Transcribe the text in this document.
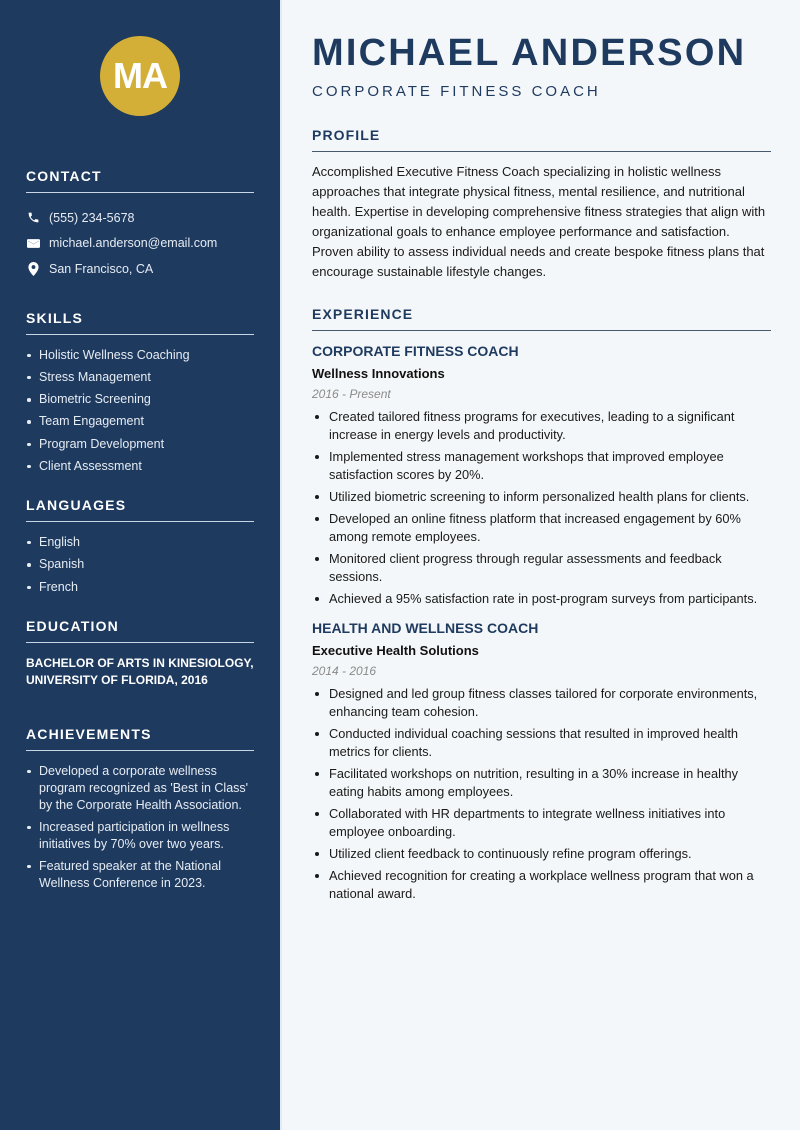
MA
CONTACT
(555) 234-5678
michael.anderson@email.com
San Francisco, CA
SKILLS
Holistic Wellness Coaching
Stress Management
Biometric Screening
Team Engagement
Program Development
Client Assessment
LANGUAGES
English
Spanish
French
EDUCATION
BACHELOR OF ARTS IN KINESIOLOGY, UNIVERSITY OF FLORIDA, 2016
ACHIEVEMENTS
Developed a corporate wellness program recognized as 'Best in Class' by the Corporate Health Association.
Increased participation in wellness initiatives by 70% over two years.
Featured speaker at the National Wellness Conference in 2023.
MICHAEL ANDERSON
CORPORATE FITNESS COACH
PROFILE

Accomplished Executive Fitness Coach specializing in holistic wellness approaches that integrate physical fitness, mental resilience, and nutritional health. Expertise in developing comprehensive fitness strategies that align with organizational goals to enhance employee performance and satisfaction. Proven ability to assess individual needs and create bespoke fitness plans that encourage sustainable lifestyle changes.

EXPERIENCE
CORPORATE FITNESS COACH
Wellness Innovations
2016 - Present
Created tailored fitness programs for executives, leading to a significant increase in energy levels and productivity.
Implemented stress management workshops that improved employee satisfaction scores by 20%.
Utilized biometric screening to inform personalized health plans for clients.
Developed an online fitness platform that increased engagement by 60% among remote employees.
Monitored client progress through regular assessments and feedback sessions.
Achieved a 95% satisfaction rate in post-program surveys from participants.
HEALTH AND WELLNESS COACH
Executive Health Solutions
2014 - 2016
Designed and led group fitness classes tailored for corporate environments, enhancing team cohesion.
Conducted individual coaching sessions that resulted in improved health metrics for clients.
Facilitated workshops on nutrition, resulting in a 30% increase in healthy eating habits among employees.
Collaborated with HR departments to integrate wellness initiatives into employee onboarding.
Utilized client feedback to continuously refine program offerings.
Achieved recognition for creating a workplace wellness program that won a national award.
